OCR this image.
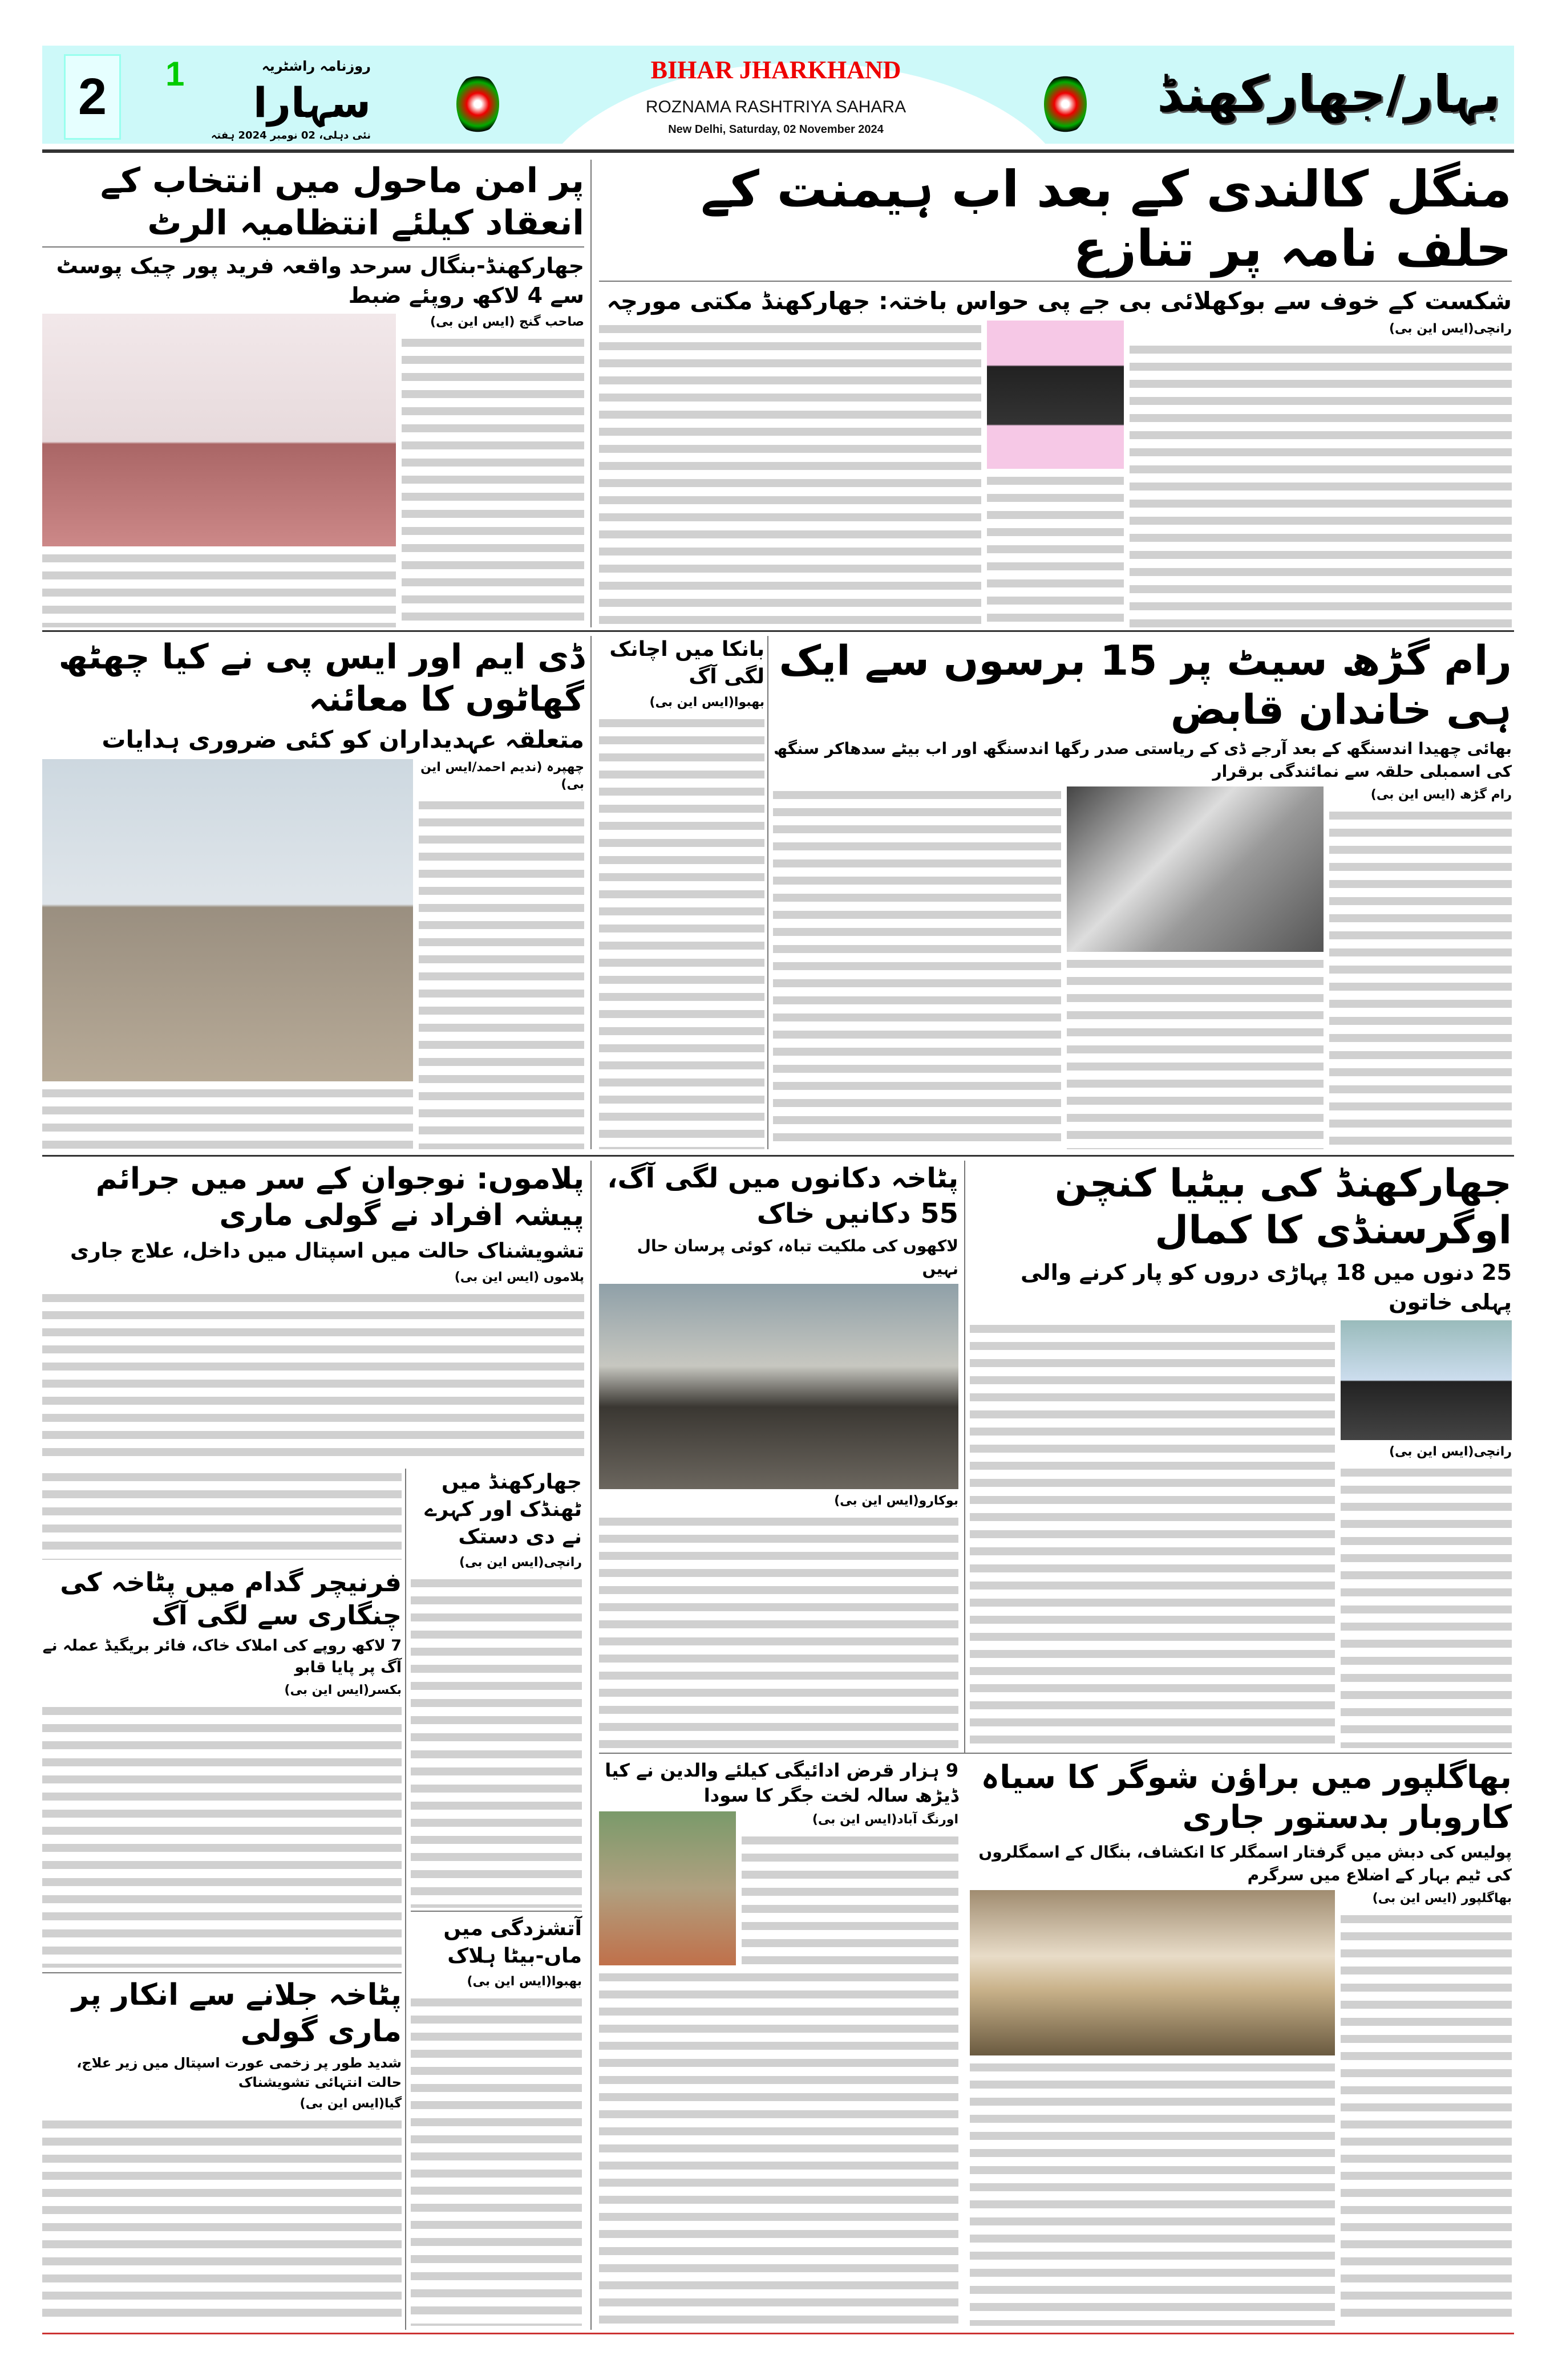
2	1	روزنامہ راشٹریہ
سہارا
نئی دہلی، 02 نومبر 2024 ہفتہ
BIHAR JHARKHAND
ROZNAMA RASHTRIYA SAHARA
New Delhi, Saturday, 02 November 2024
بہار/جھارکھنڈ
منگل کالندی کے بعد اب ہیمنت کے حلف نامہ پر تنازع
شکست کے خوف سے بوکھلائی بی جے پی حواس باختہ: جھارکھنڈ مکتی مورچہ
رانچی(ایس این بی)
پر امن ماحول میں انتخاب کے انعقاد کیلئے انتظامیہ الرٹ
جھارکھنڈ-بنگال سرحد واقعہ فرید پور چیک پوسٹ سے 4 لاکھ روپئے ضبط
صاحب گنج (ایس این بی)
رام گڑھ سیٹ پر 15 برسوں سے ایک ہی خاندان قابض
بھائی چھیدا اندسنگھ کے بعد آرجے ڈی کے ریاستی صدر رگھا اندسنگھ اور اب بیٹے سدھاکر سنگھ کی اسمبلی حلقہ سے نمائندگی برقرار
رام گڑھ (ایس این بی)
بانکا میں اچانک لگی آگ
بھبوا(ایس این بی)
ڈی ایم اور ایس پی نے کیا چھٹھ گھاٹوں کا معائنہ
متعلقہ عہدیداران کو کئی ضروری ہدایات
چھپرہ (ندیم احمد/ایس این بی)
جھارکھنڈ کی بیٹیا کنچن اوگرسنڈی کا کمال
25 دنوں میں 18 پہاڑی دروں کو پار کرنے والی پہلی خاتون
رانچی(ایس این بی)
پٹاخہ دکانوں میں لگی آگ، 55 دکانیں خاک
لاکھوں کی ملکیت تباہ، کوئی پرسان حال نہیں
بوکارو(ایس این بی)
پلاموں: نوجوان کے سر میں جرائم پیشہ افراد نے گولی ماری
تشویشناک حالت میں اسپتال میں داخل، علاج جاری
پلاموں (ایس این بی)
جھارکھنڈ میں ٹھنڈک اور کہرے نے دی دستک
رانچی(ایس این بی)
فرنیچر گدام میں پٹاخہ کی چنگاری سے لگی آگ
7 لاکھ روپے کی املاک خاک، فائر بریگیڈ عملہ نے آگ پر پایا قابو
بکسر(ایس این بی)
آتشزدگی میں ماں-بیٹا ہلاک
بھبوا(ایس این بی)
پٹاخہ جلانے سے انکار پر ماری گولی
شدید طور پر زخمی عورت اسپتال میں زیر علاج، حالت انتہائی تشویشناک
گیا(ایس این بی)
9 ہزار قرض ادائیگی کیلئے والدین نے کیا ڈیڑھ سالہ لخت جگر کا سودا
اورنگ آباد(ایس این بی)
بھاگلپور میں براؤن شوگر کا سیاہ کاروبار بدستور جاری
پولیس کی دبش میں گرفتار اسمگلر کا انکشاف، بنگال کے اسمگلروں کی ٹیم بہار کے اضلاع میں سرگرم
بھاگلپور (ایس این بی)
